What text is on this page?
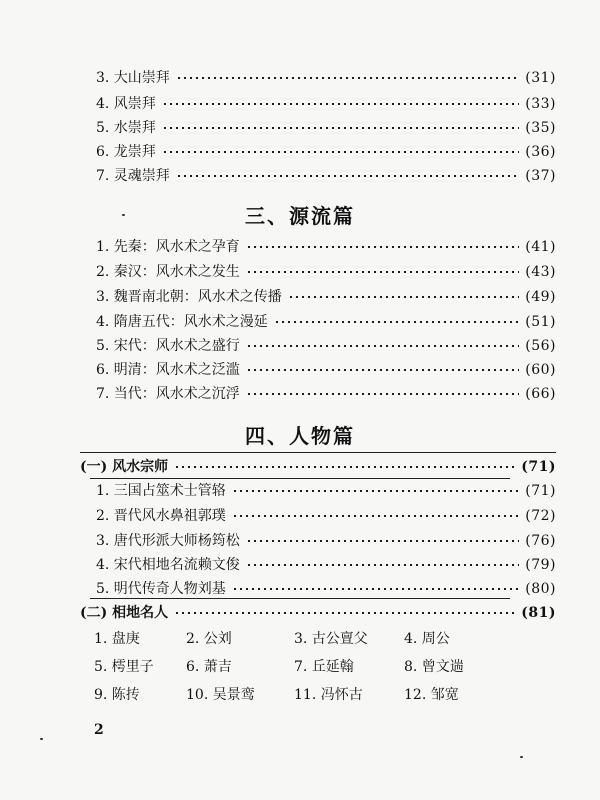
3. 大山崇拜	(31)
4. 风崇拜	(33)
5. 水崇拜	(35)
6. 龙崇拜	(36)
7. 灵魂崇拜	(37)
三、源流篇
1. 先秦：风水术之孕育	(41)
2. 秦汉：风水术之发生	(43)
3. 魏晋南北朝：风水术之传播	(49)
4. 隋唐五代：风水术之漫延	(51)
5. 宋代：风水术之盛行	(56)
6. 明清：风水术之泛滥	(60)
7. 当代：风水术之沉浮	(66)
四、人物篇
(一) 风水宗师	(71)
1. 三国占筮术士管辂	(71)
2. 晋代风水鼻祖郭璞	(72)
3. 唐代形派大师杨筠松	(76)
4. 宋代相地名流赖文俊	(79)
5. 明代传奇人物刘基	(80)
(二) 相地名人	(81)
1. 盘庚	2. 公刘	3. 古公亶父	4. 周公
5. 樗里子	6. 萧吉	7. 丘延翰	8. 曾文遄
9. 陈抟	10. 吴景鸾	11. 冯怀古	12. 邹宽
2
